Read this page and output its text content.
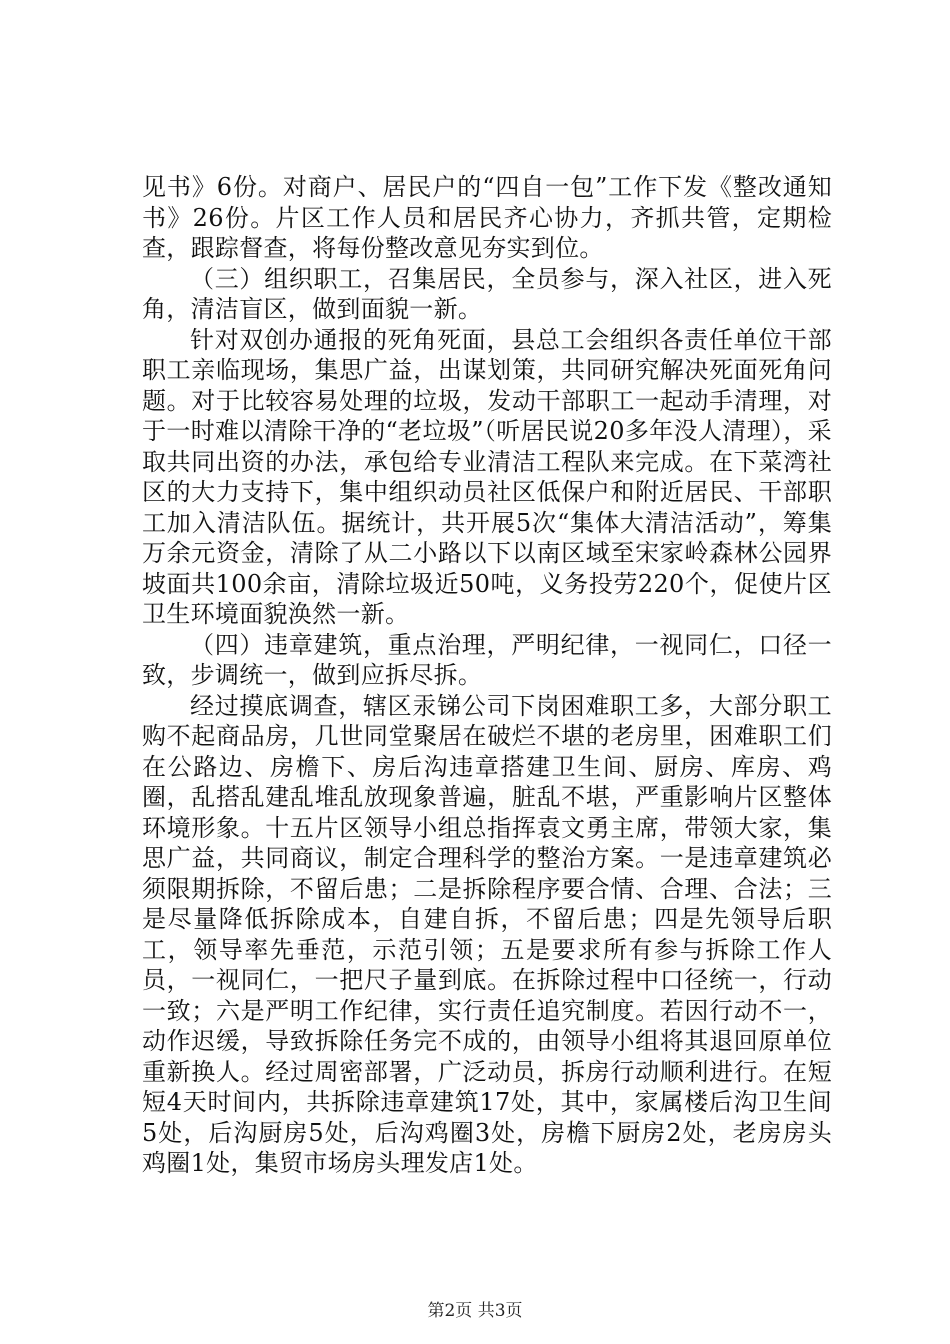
见书》6份。对商户、居民户的“四自一包”工作下发《整改通知书》26份。片区工作人员和居民齐心协力，齐抓共管，定期检查，跟踪督查，将每份整改意见夯实到位。

（三）组织职工，召集居民，全员参与，深入社区，进入死角，清洁盲区，做到面貌一新。

针对双创办通报的死角死面，县总工会组织各责任单位干部职工亲临现场，集思广益，出谋划策，共同研究解决死面死角问题。对于比较容易处理的垃圾，发动干部职工一起动手清理，对于一时难以清除干净的“老垃圾”（听居民说20多年没人清理），采取共同出资的办法，承包给专业清洁工程队来完成。在下菜湾社区的大力支持下，集中组织动员社区低保户和附近居民、干部职工加入清洁队伍。据统计，共开展5次“集体大清洁活动”，筹集万余元资金，清除了从二小路以下以南区域至宋家岭森林公园界坡面共100余亩，清除垃圾近50吨，义务投劳220个，促使片区卫生环境面貌涣然一新。

（四）违章建筑，重点治理，严明纪律，一视同仁，口径一致，步调统一，做到应拆尽拆。

经过摸底调查，辖区汞锑公司下岗困难职工多，大部分职工购不起商品房，几世同堂聚居在破烂不堪的老房里，困难职工们在公路边、房檐下、房后沟违章搭建卫生间、厨房、库房、鸡圈，乱搭乱建乱堆乱放现象普遍，脏乱不堪，严重影响片区整体环境形象。十五片区领导小组总指挥袁文勇主席，带领大家，集思广益，共同商议，制定合理科学的整治方案。一是违章建筑必须限期拆除，不留后患；二是拆除程序要合情、合理、合法；三是尽量降低拆除成本，自建自拆，不留后患；四是先领导后职工，领导率先垂范，示范引领；五是要求所有参与拆除工作人员，一视同仁，一把尺子量到底。在拆除过程中口径统一，行动一致；六是严明工作纪律，实行责任追究制度。若因行动不一，动作迟缓，导致拆除任务完不成的，由领导小组将其退回原单位重新换人。经过周密部署，广泛动员，拆房行动顺利进行。在短短4天时间内，共拆除违章建筑17处，其中，家属楼后沟卫生间5处，后沟厨房5处，后沟鸡圈3处，房檐下厨房2处，老房房头鸡圈1处，集贸市场房头理发店1处。

第2页 共3页
